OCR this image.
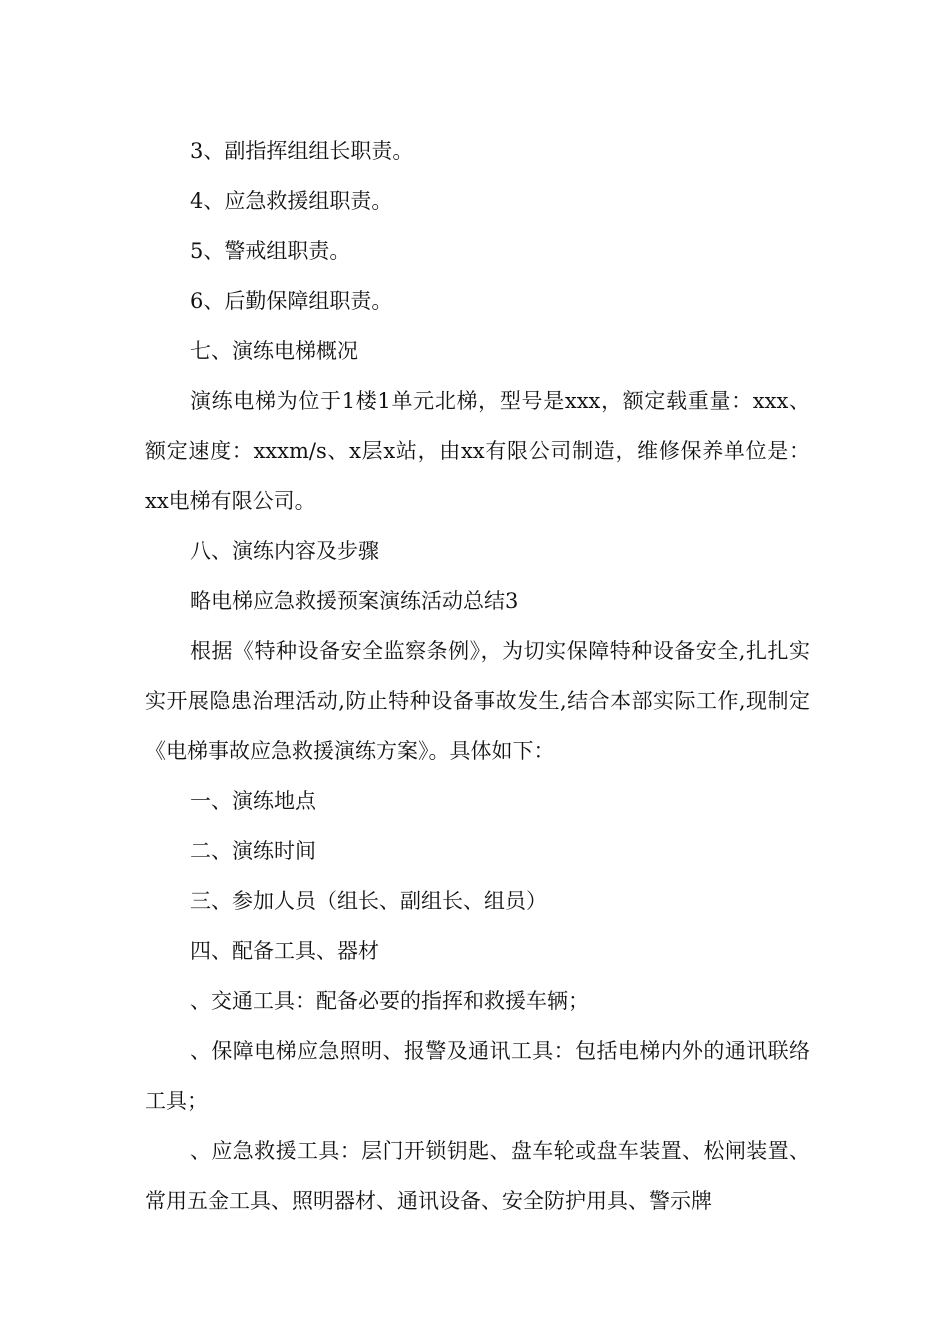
3、副指挥组组长职责。

4、应急救援组职责。

5、警戒组职责。

6、后勤保障组职责。

七、演练电梯概况

演练电梯为位于1楼1单元北梯，型号是xxx，额定载重量：xxx、额定速度：xxxm/s、x层x站，由xx有限公司制造，维修保养单位是：xx电梯有限公司。

八、演练内容及步骤

略电梯应急救援预案演练活动总结3

根据《特种设备安全监察条例》，为切实保障特种设备安全,扎扎实实开展隐患治理活动,防止特种设备事故发生,结合本部实际工作,现制定《电梯事故应急救援演练方案》。具体如下：

一、演练地点

二、演练时间

三、参加人员（组长、副组长、组员）

四、配备工具、器材

、交通工具：配备必要的指挥和救援车辆；

、保障电梯应急照明、报警及通讯工具：包括电梯内外的通讯联络工具；

、应急救援工具：层门开锁钥匙、盘车轮或盘车装置、松闸装置、常用五金工具、照明器材、通讯设备、安全防护用具、警示牌
